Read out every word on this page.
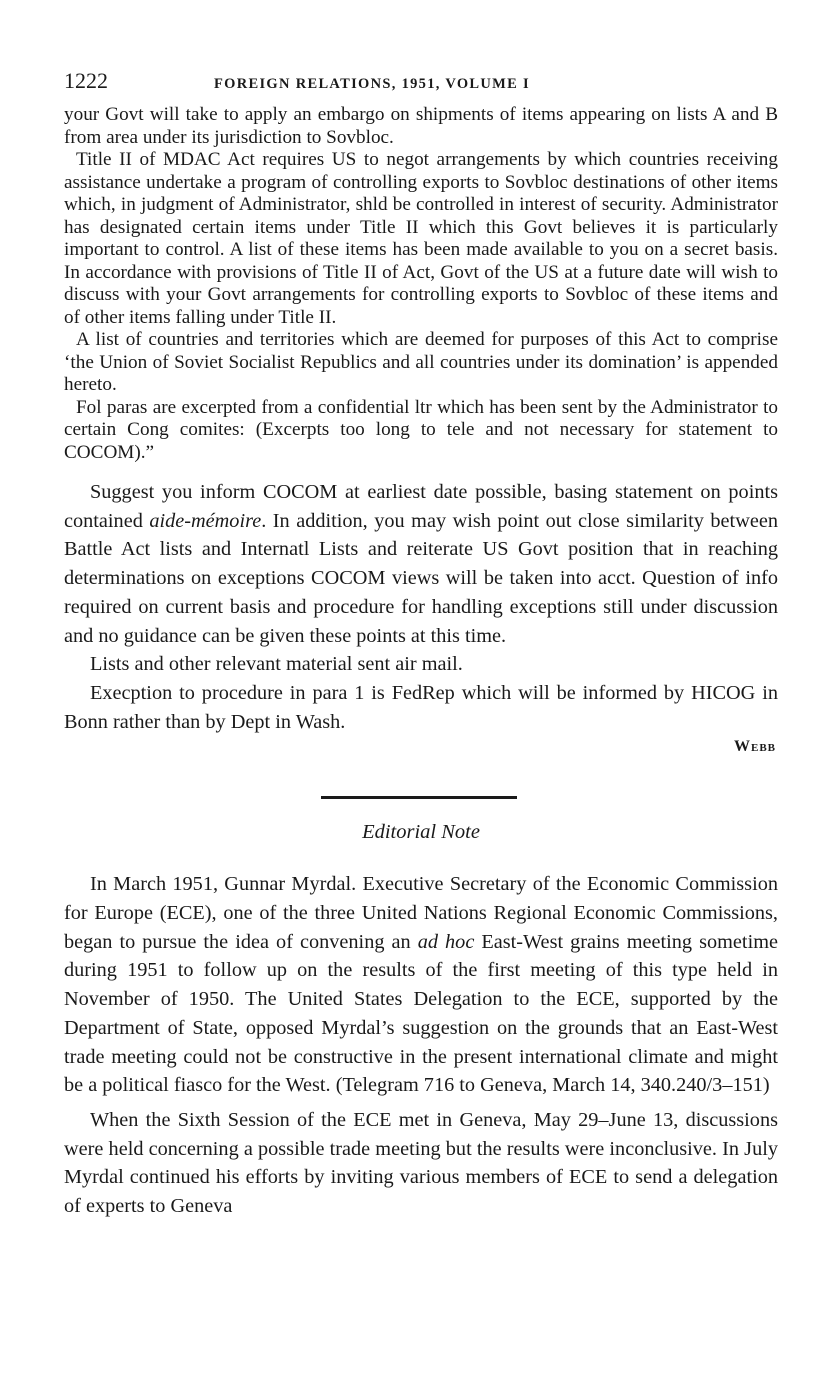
1222	FOREIGN RELATIONS, 1951, VOLUME I

your Govt will take to apply an embargo on shipments of items appearing on lists A and B from area under its jurisdiction to Sovbloc.

Title II of MDAC Act requires US to negot arrangements by which countries receiving assistance undertake a program of controlling exports to Sovbloc destinations of other items which, in judgment of Administrator, shld be controlled in interest of security. Administrator has designated certain items under Title II which this Govt believes it is particularly important to control. A list of these items has been made available to you on a secret basis. In accordance with provisions of Title II of Act, Govt of the US at a future date will wish to discuss with your Govt arrangements for controlling exports to Sovbloc of these items and of other items falling under Title II.

A list of countries and territories which are deemed for purposes of this Act to comprise ‘the Union of Soviet Socialist Republics and all countries under its domination’ is appended hereto.

Fol paras are excerpted from a confidential ltr which has been sent by the Administrator to certain Cong comites: (Excerpts too long to tele and not necessary for statement to COCOM).”

Suggest you inform COCOM at earliest date possible, basing statement on points contained aide-mémoire. In addition, you may wish point out close similarity between Battle Act lists and Internatl Lists and reiterate US Govt position that in reaching determinations on exceptions COCOM views will be taken into acct. Question of info required on current basis and procedure for handling exceptions still under discussion and no guidance can be given these points at this time.

Lists and other relevant material sent air mail.

Execption to procedure in para 1 is FedRep which will be informed by HICOG in Bonn rather than by Dept in Wash.

Webb
Editorial Note

In March 1951, Gunnar Myrdal. Executive Secretary of the Economic Commission for Europe (ECE), one of the three United Nations Regional Economic Commissions, began to pursue the idea of convening an ad hoc East-West grains meeting sometime during 1951 to follow up on the results of the first meeting of this type held in November of 1950. The United States Delegation to the ECE, supported by the Department of State, opposed Myrdal’s suggestion on the grounds that an East-West trade meeting could not be constructive in the present international climate and might be a political fiasco for the West. (Telegram 716 to Geneva, March 14, 340.240/3–151)

When the Sixth Session of the ECE met in Geneva, May 29–June 13, discussions were held concerning a possible trade meeting but the results were inconclusive. In July Myrdal continued his efforts by inviting various members of ECE to send a delegation of experts to Geneva
